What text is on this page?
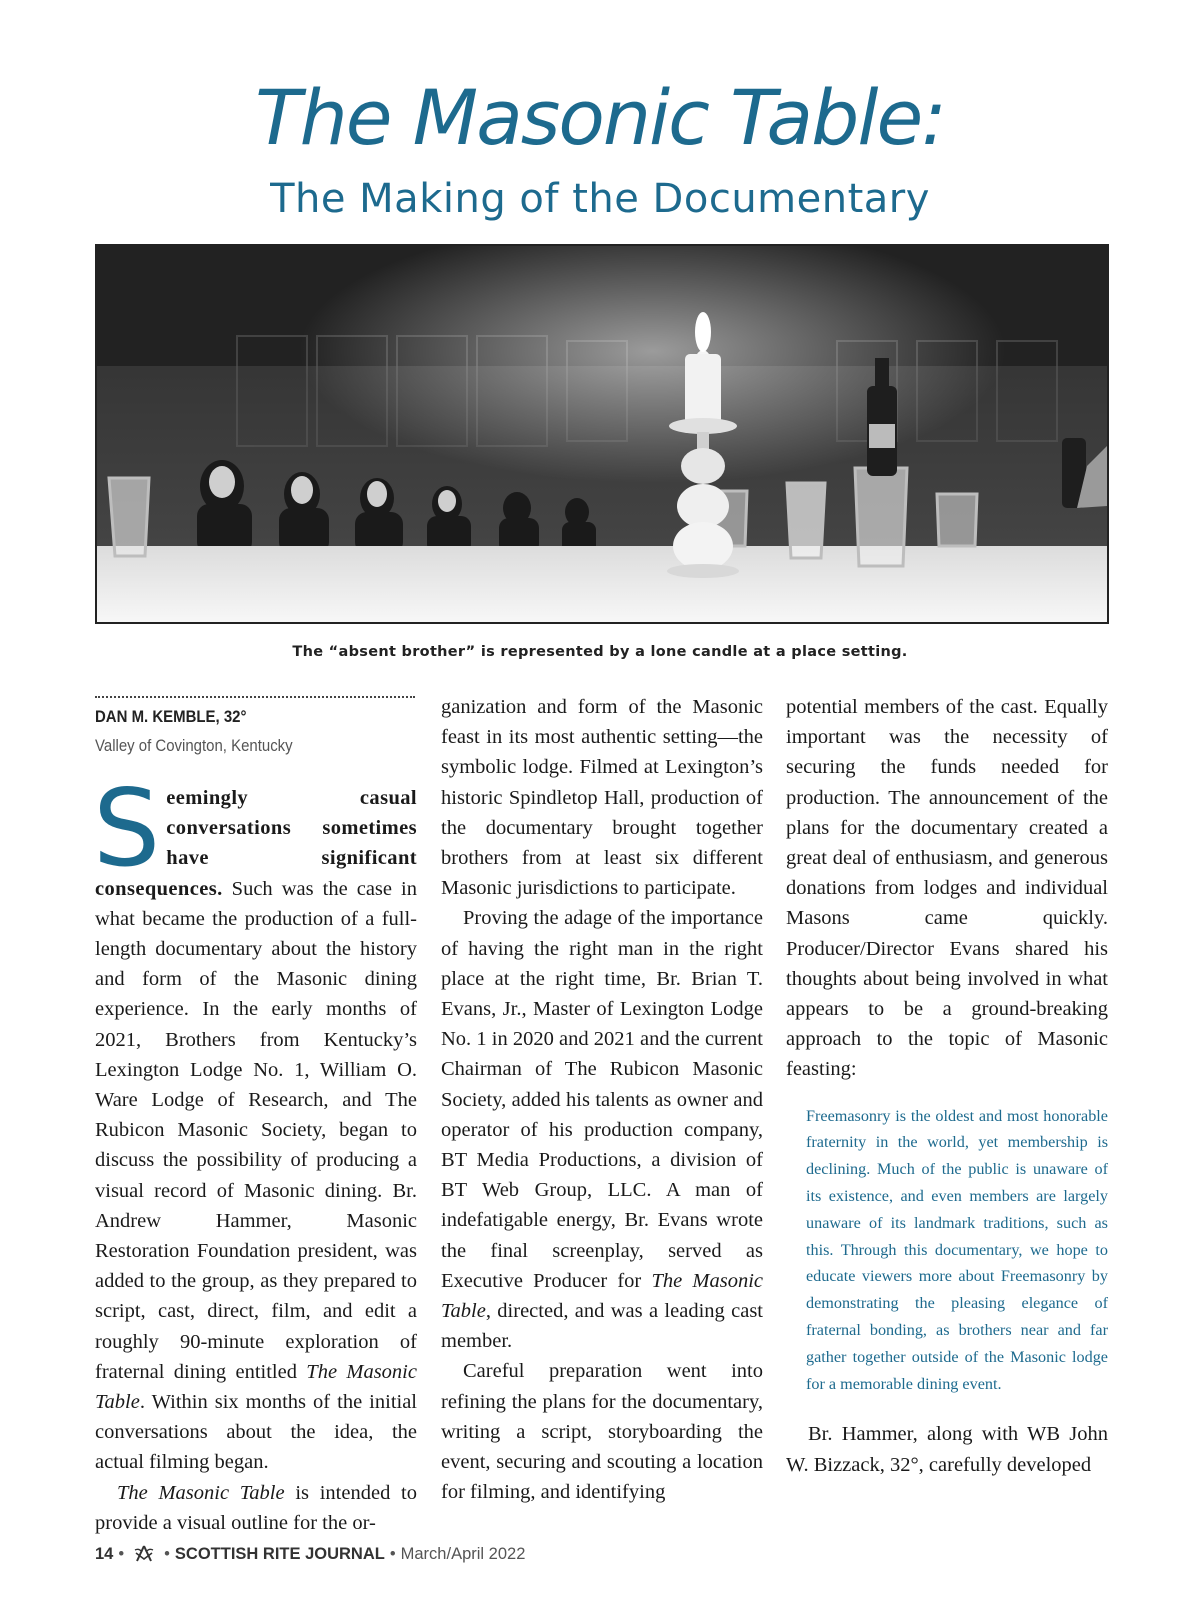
The Masonic Table:
The Making of the Documentary
The “absent brother” is represented by a lone candle at a place setting.
DAN M. KEMBLE, 32°
Valley of Covington, Kentucky

Seemingly casual conversations sometimes have significant consequences. Such was the case in what became the production of a full-length documentary about the history and form of the Masonic dining experience. In the early months of 2021, Brothers from Kentucky’s Lexington Lodge No. 1, William O. Ware Lodge of Research, and The Rubicon Masonic Society, began to discuss the possibility of producing a visual record of Masonic dining. Br. Andrew Hammer, Masonic Restoration Foundation president, was added to the group, as they prepared to script, cast, direct, film, and edit a roughly 90-minute exploration of fraternal dining entitled The Masonic Table. Within six months of the initial conversations about the idea, the actual filming began.

The Masonic Table is intended to provide a visual outline for the or-

ganization and form of the Masonic feast in its most authentic setting—the symbolic lodge. Filmed at Lexington’s historic Spindletop Hall, production of the documentary brought together brothers from at least six different Masonic jurisdictions to participate.

Proving the adage of the importance of having the right man in the right place at the right time, Br. Brian T. Evans, Jr., Master of Lexington Lodge No. 1 in 2020 and 2021 and the current Chairman of The Rubicon Masonic Society, added his talents as owner and operator of his production company, BT Media Productions, a division of BT Web Group, LLC. A man of indefatigable energy, Br. Evans wrote the final screenplay, served as Executive Producer for The Masonic Table, directed, and was a leading cast member.

Careful preparation went into refining the plans for the documentary, writing a script, storyboarding the event, securing and scouting a location for filming, and identifying

potential members of the cast. Equally important was the necessity of securing the funds needed for production. The announcement of the plans for the documentary created a great deal of enthusiasm, and generous donations from lodges and individual Masons came quickly. Producer/Director Evans shared his thoughts about being involved in what appears to be a ground-breaking approach to the topic of Masonic feasting:

Freemasonry is the oldest and most honorable fraternity in the world, yet membership is declining. Much of the public is unaware of its existence, and even members are largely unaware of its landmark traditions, such as this. Through this documentary, we hope to educate viewers more about Freemasonry by demonstrating the pleasing elegance of fraternal bonding, as brothers near and far gather together outside of the Masonic lodge for a memorable dining event.

Br. Hammer, along with WB John W. Bizzack, 32°, carefully developed

14 • • SCOTTISH RITE JOURNAL • March/April 2022
